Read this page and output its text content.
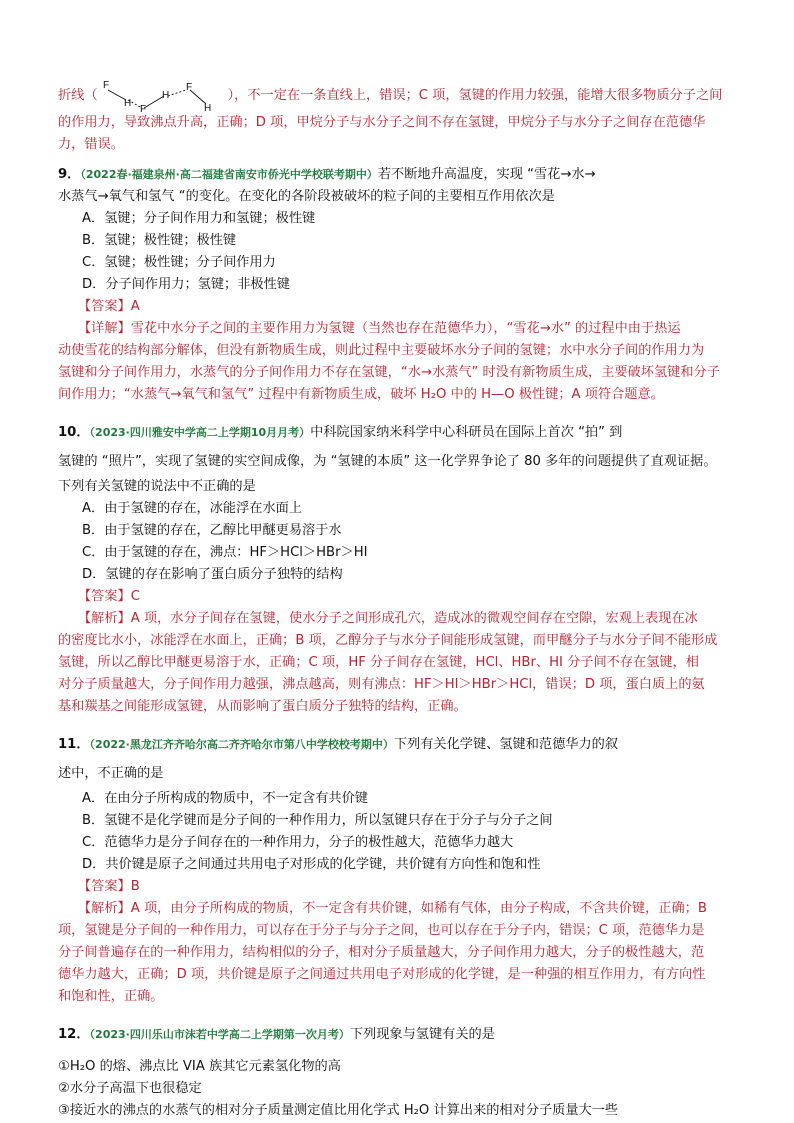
折线（
F
H
F
H
F
H
），不一定在一条直线上，错误；C 项，氢键的作用力较强，能增大很多物质分子之间

的作用力，导致沸点升高，正确；D 项，甲烷分子与水分子之间不存在氢键，甲烷分子与水分子之间存在范德华

力，错误。

9．（2022春·福建泉州·高二福建省南安市侨光中学校联考期中）若不断地升高温度，实现 “雪花→水→

水蒸气→氧气和氢气 “的变化。在变化的各阶段被破坏的粒子间的主要相互作用依次是

A．氢键；分子间作用力和氢键；极性键

B．氢键；极性键；极性键

C．氢键；极性键；分子间作用力

D．分子间作用力；氢键；非极性键

【答案】A

【详解】雪花中水分子之间的主要作用力为氢键（当然也存在范德华力），“雪花→水” 的过程中由于热运

动使雪花的结构部分解体，但没有新物质生成，则此过程中主要破坏水分子间的氢键；水中水分子间的作用力为

氢键和分子间作用力，水蒸气的分子间作用力不存在氢键，“水→水蒸气” 时没有新物质生成，主要破坏氢键和分子

间作用力；“水蒸气→氧气和氢气” 过程中有新物质生成，破坏 H₂O 中的 H—O 极性键；A 项符合题意。

10．（2023·四川雅安中学高二上学期10月月考）中科院国家纳米科学中心科研员在国际上首次 “拍” 到

氢键的 “照片”，实现了氢键的实空间成像，为 “氢键的本质” 这一化学界争论了 80 多年的问题提供了直观证据。

下列有关氢键的说法中不正确的是

A．由于氢键的存在，冰能浮在水面上

B．由于氢键的存在，乙醇比甲醚更易溶于水

C．由于氢键的存在，沸点：HF＞HCl＞HBr＞HI

D．氢键的存在影响了蛋白质分子独特的结构

【答案】C

【解析】A 项，水分子间存在氢键，使水分子之间形成孔穴，造成冰的微观空间存在空隙，宏观上表现在冰

的密度比水小，冰能浮在水面上，正确；B 项，乙醇分子与水分子间能形成氢键，而甲醚分子与水分子间不能形成

氢键，所以乙醇比甲醚更易溶于水，正确；C 项，HF 分子间存在氢键，HCl、HBr、HI 分子间不存在氢键，相

对分子质量越大，分子间作用力越强，沸点越高，则有沸点：HF＞HI＞HBr＞HCl，错误；D 项，蛋白质上的氨

基和羰基之间能形成氢键，从而影响了蛋白质分子独特的结构，正确。

11．（2022·黑龙江齐齐哈尔高二齐齐哈尔市第八中学校校考期中）下列有关化学键、氢键和范德华力的叙

述中，不正确的是

A．在由分子所构成的物质中，不一定含有共价键

B．氢键不是化学键而是分子间的一种作用力，所以氢键只存在于分子与分子之间

C．范德华力是分子间存在的一种作用力，分子的极性越大，范德华力越大

D．共价键是原子之间通过共用电子对形成的化学键，共价键有方向性和饱和性

【答案】B

【解析】A 项，由分子所构成的物质，不一定含有共价键，如稀有气体，由分子构成，不含共价键，正确；B

项，氢键是分子间的一种作用力，可以存在于分子与分子之间，也可以存在于分子内，错误；C 项，范德华力是

分子间普遍存在的一种作用力，结构相似的分子，相对分子质量越大，分子间作用力越大，分子的极性越大，范

德华力越大，正确；D 项，共价键是原子之间通过共用电子对形成的化学键，是一种强的相互作用力，有方向性

和饱和性，正确。

12．（2023·四川乐山市沫若中学高二上学期第一次月考）下列现象与氢键有关的是

①H₂O 的熔、沸点比 VIA 族其它元素氢化物的高

②水分子高温下也很稳定

③接近水的沸点的水蒸气的相对分子质量测定值比用化学式 H₂O 计算出来的相对分子质量大一些
